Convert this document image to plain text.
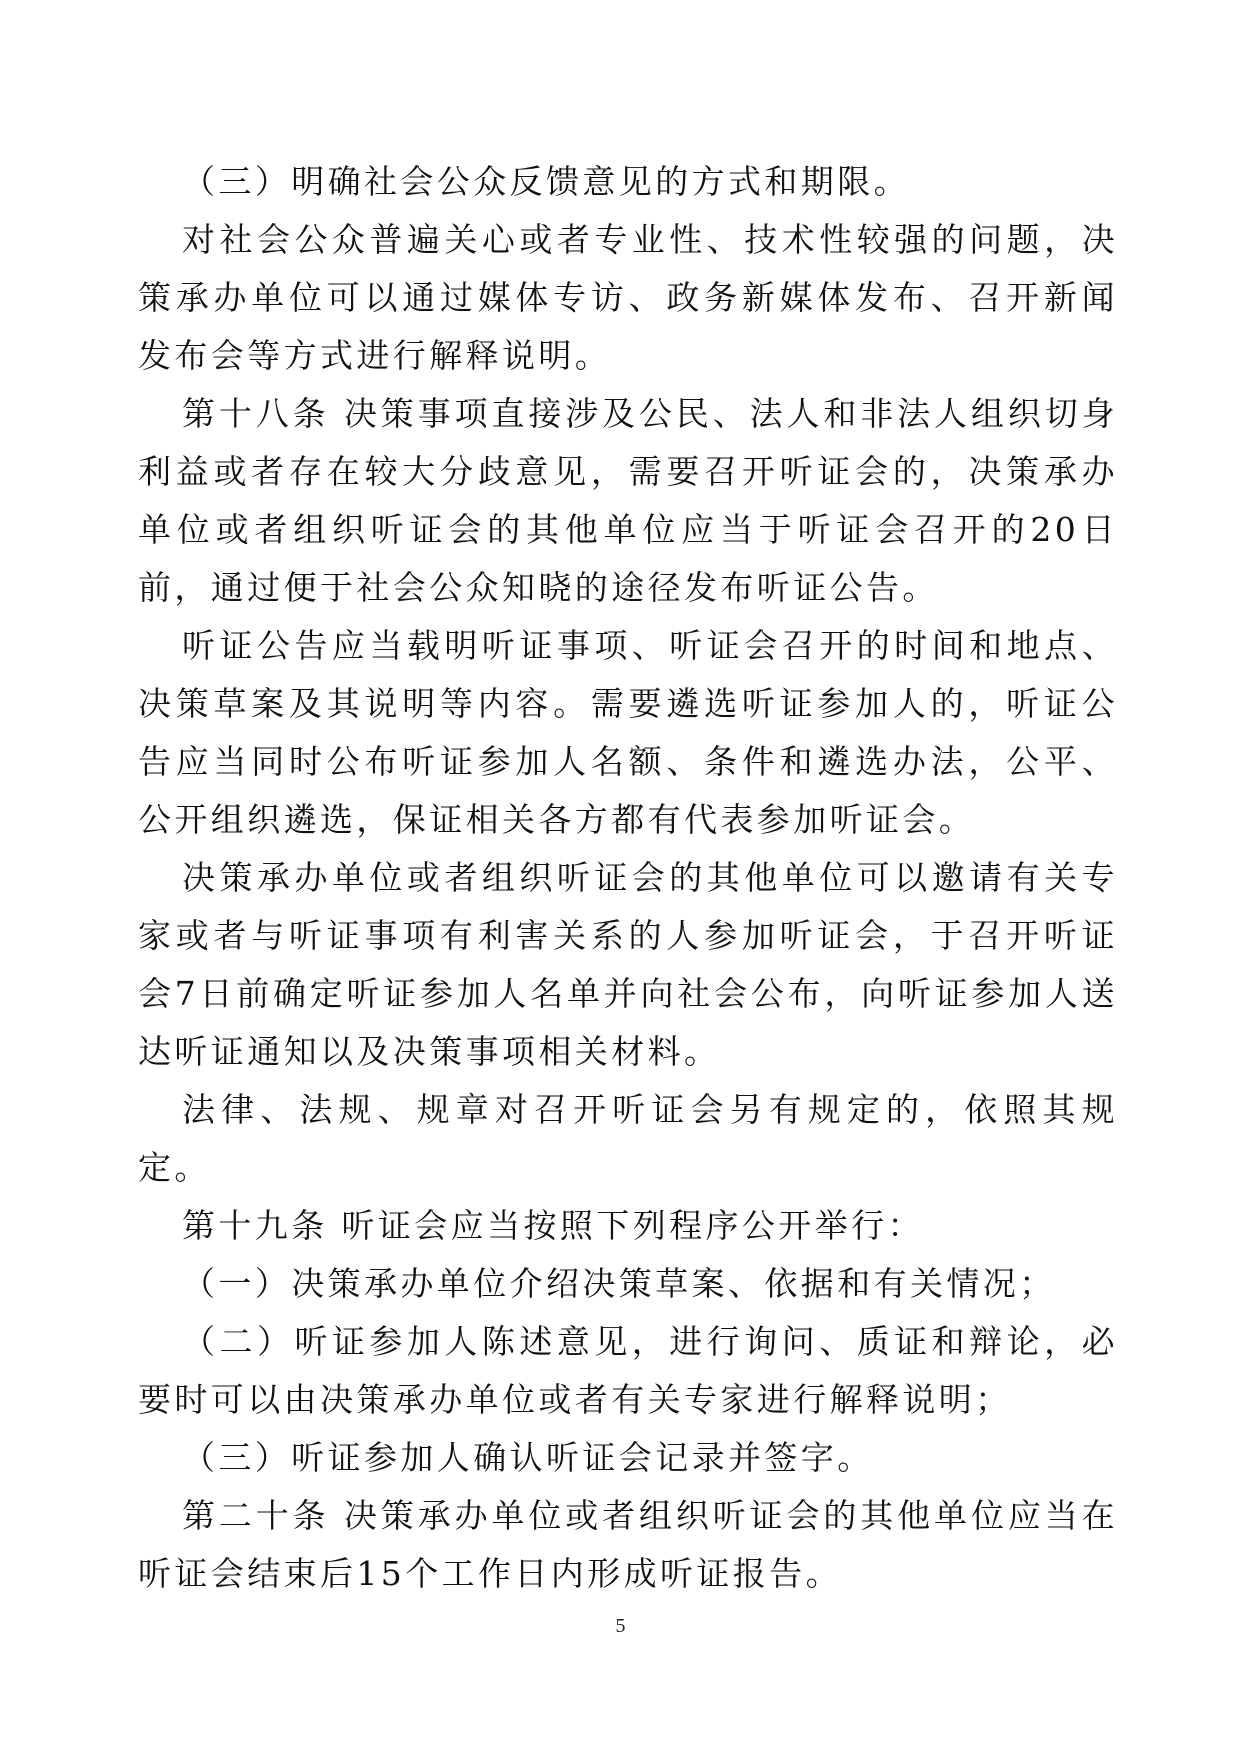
（三）明确社会公众反馈意见的方式和期限。

对社会公众普遍关心或者专业性、技术性较强的问题，决策承办单位可以通过媒体专访、政务新媒体发布、召开新闻发布会等方式进行解释说明。

第十八条 决策事项直接涉及公民、法人和非法人组织切身利益或者存在较大分歧意见，需要召开听证会的，决策承办单位或者组织听证会的其他单位应当于听证会召开的20日前，通过便于社会公众知晓的途径发布听证公告。

听证公告应当载明听证事项、听证会召开的时间和地点、决策草案及其说明等内容。需要遴选听证参加人的，听证公告应当同时公布听证参加人名额、条件和遴选办法，公平、公开组织遴选，保证相关各方都有代表参加听证会。

决策承办单位或者组织听证会的其他单位可以邀请有关专家或者与听证事项有利害关系的人参加听证会，于召开听证会7日前确定听证参加人名单并向社会公布，向听证参加人送达听证通知以及决策事项相关材料。

法律、法规、规章对召开听证会另有规定的，依照其规定。

第十九条 听证会应当按照下列程序公开举行：

（一）决策承办单位介绍决策草案、依据和有关情况；

（二）听证参加人陈述意见，进行询问、质证和辩论，必要时可以由决策承办单位或者有关专家进行解释说明；

（三）听证参加人确认听证会记录并签字。

第二十条 决策承办单位或者组织听证会的其他单位应当在听证会结束后15个工作日内形成听证报告。

5
